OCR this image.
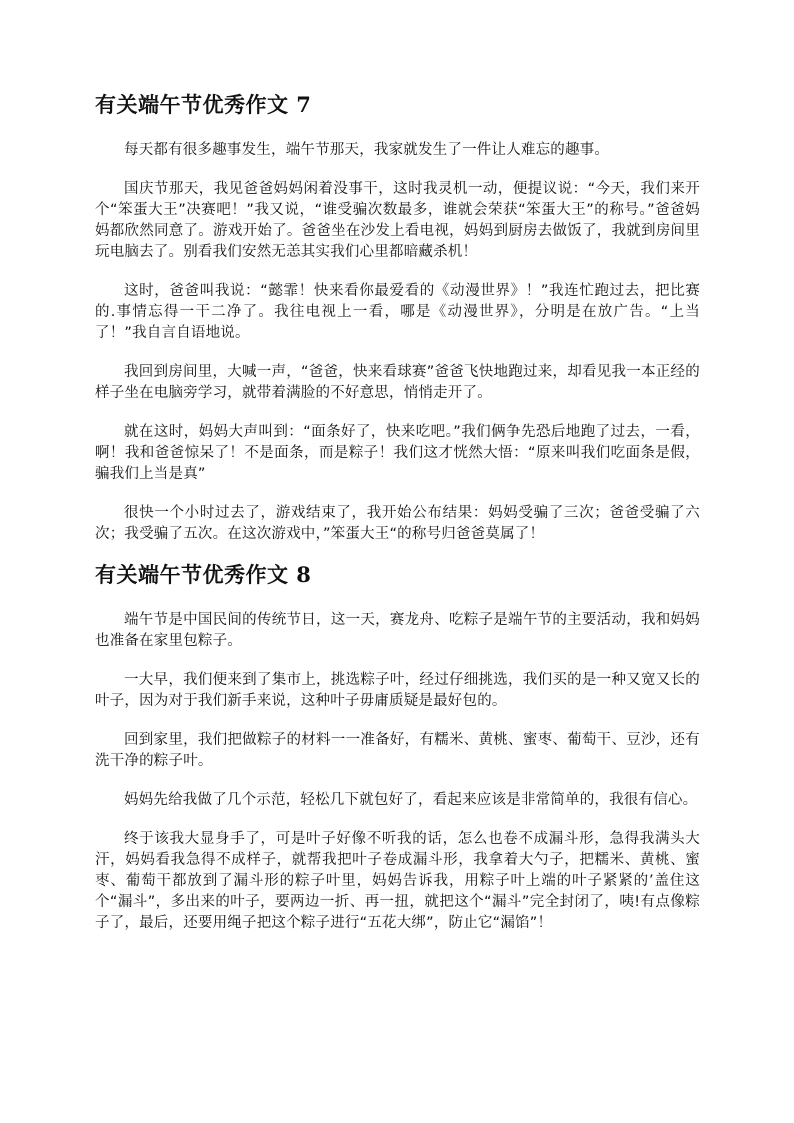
有关端午节优秀作文 7

每天都有很多趣事发生，端午节那天，我家就发生了一件让人难忘的趣事。

国庆节那天，我见爸爸妈妈闲着没事干，这时我灵机一动，便提议说：“今天，我们来开个“笨蛋大王”决赛吧！”我又说，“谁受骗次数最多，谁就会荣获“笨蛋大王”的称号。”爸爸妈妈都欣然同意了。游戏开始了。爸爸坐在沙发上看电视，妈妈到厨房去做饭了，我就到房间里玩电脑去了。别看我们安然无恙其实我们心里都暗藏杀机！

这时，爸爸叫我说：“懿霏！快来看你最爱看的《动漫世界》！”我连忙跑过去，把比赛的.事情忘得一干二净了。我往电视上一看，哪是《动漫世界》，分明是在放广告。“上当了！”我自言自语地说。

我回到房间里，大喊一声，“爸爸，快来看球赛”爸爸飞快地跑过来，却看见我一本正经的样子坐在电脑旁学习，就带着满脸的不好意思，悄悄走开了。

就在这时，妈妈大声叫到：“面条好了，快来吃吧。”我们俩争先恐后地跑了过去，一看，啊！我和爸爸惊呆了！不是面条，而是粽子！我们这才恍然大悟：“原来叫我们吃面条是假，骗我们上当是真”

很快一个小时过去了，游戏结束了，我开始公布结果：妈妈受骗了三次；爸爸受骗了六次；我受骗了五次。在这次游戏中，”笨蛋大王“的称号归爸爸莫属了！

有关端午节优秀作文 8

端午节是中国民间的传统节日，这一天，赛龙舟、吃粽子是端午节的主要活动，我和妈妈也准备在家里包粽子。

一大早，我们便来到了集市上，挑选粽子叶，经过仔细挑选，我们买的是一种又宽又长的叶子，因为对于我们新手来说，这种叶子毋庸质疑是最好包的。

回到家里，我们把做粽子的材料一一准备好，有糯米、黄桃、蜜枣、葡萄干、豆沙，还有洗干净的粽子叶。

妈妈先给我做了几个示范，轻松几下就包好了，看起来应该是非常简单的，我很有信心。

终于该我大显身手了，可是叶子好像不听我的话，怎么也卷不成漏斗形，急得我满头大汗，妈妈看我急得不成样子，就帮我把叶子卷成漏斗形，我拿着大勺子，把糯米、黄桃、蜜枣、葡萄干都放到了漏斗形的粽子叶里，妈妈告诉我，用粽子叶上端的叶子紧紧的’盖住这个“漏斗”，多出来的叶子，要两边一折、再一扭，就把这个“漏斗”完全封闭了，咦!有点像粽子了，最后，还要用绳子把这个粽子进行“五花大绑”，防止它“漏馅”！
